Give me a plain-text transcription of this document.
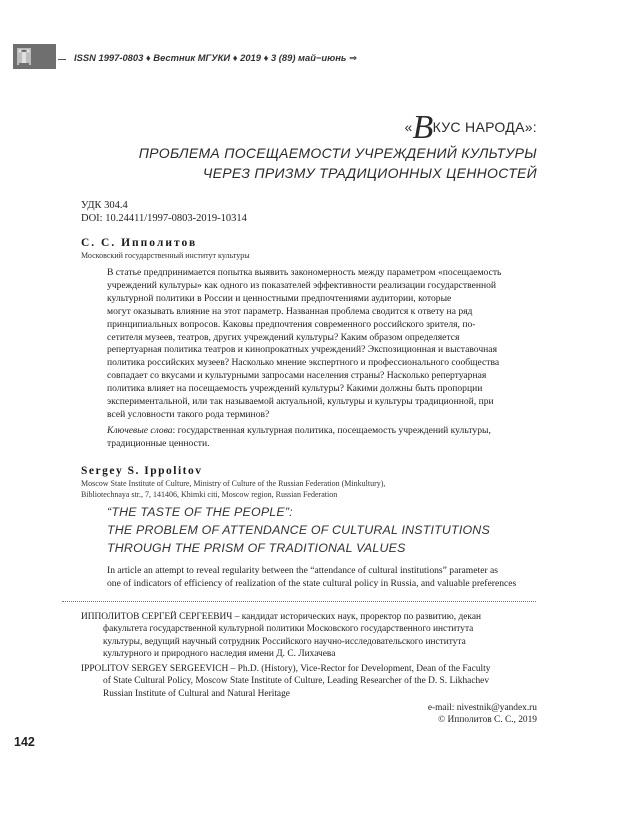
ISSN 1997-0803 ♦ Вестник МГУКИ ♦ 2019 ♦ 3 (89) май−июнь ⇒
«ВКУС НАРОДА»:
ПРОБЛЕМА ПОСЕЩАЕМОСТИ УЧРЕЖДЕНИЙ КУЛЬТУРЫ
ЧЕРЕЗ ПРИЗМУ ТРАДИЦИОННЫХ ЦЕННОСТЕЙ
УДК 304.4
DOI: 10.24411/1997-0803-2019-10314
С. С. Ипполитов
Московский государственный институт культуры

В статье предпринимается попытка выявить закономерность между параметром «посещаемость

учреждений культуры» как одного из показателей эффективности реализации государственной

культурной политики в России и ценностными предпочтениями аудитории, которые

могут оказывать влияние на этот параметр. Названная проблема сводится к ответу на ряд

принципиальных вопросов. Каковы предпочтения современного российского зрителя, по-

сетителя музеев, театров, других учреждений культуры? Каким образом определяется

репертуарная политика театров и кинопрокатных учреждений? Экспозиционная и выставочная

политика российских музеев? Насколько мнение экспертного и профессионального сообщества

совпадает со вкусами и культурными запросами населения страны? Насколько репертуарная

политика влияет на посещаемость учреждений культуры? Какими должны быть пропорции

экспериментальной, или так называемой актуальной, культуры и культуры традиционной, при

всей условности такого рода терминов?

Ключевые слова: государственная культурная политика, посещаемость учреждений культуры,
традиционные ценности.
Sergey S. Ippolitov
Moscow State Institute of Culture, Ministry of Culture of the Russian Federation (Minkultury),
Bibliotechnaya str., 7, 141406, Khimki citi, Moscow region, Russian Federation
“THE TASTE OF THE PEOPLE”:
THE PROBLEM OF ATTENDANCE OF CULTURAL INSTITUTIONS
THROUGH THE PRISM OF TRADITIONAL VALUES
In article an attempt to reveal regularity between the “attendance of cultural institutions” parameter as
one of indicators of efficiency of realization of the state cultural policy in Russia, and valuable preferences
ИППОЛИТОВ СЕРГЕЙ СЕРГЕЕВИЧ – кандидат исторических наук, проректор по развитию, декан
факультета государственной культурной политики Московского государственного института
культуры, ведущий научный сотрудник Российского научно-исследовательского института
культурного и природного наследия имени Д. С. Лихачева
IPPOLITOV SERGEY SERGEEVICH – Ph.D. (History), Vice-Rector for Development, Dean of the Faculty
of State Cultural Policy, Moscow State Institute of Culture, Leading Researcher of the D. S. Likhachev
Russian Institute of Cultural and Natural Heritage
e-mail: nivestnik@yandex.ru
© Ипполитов С. С., 2019
142
